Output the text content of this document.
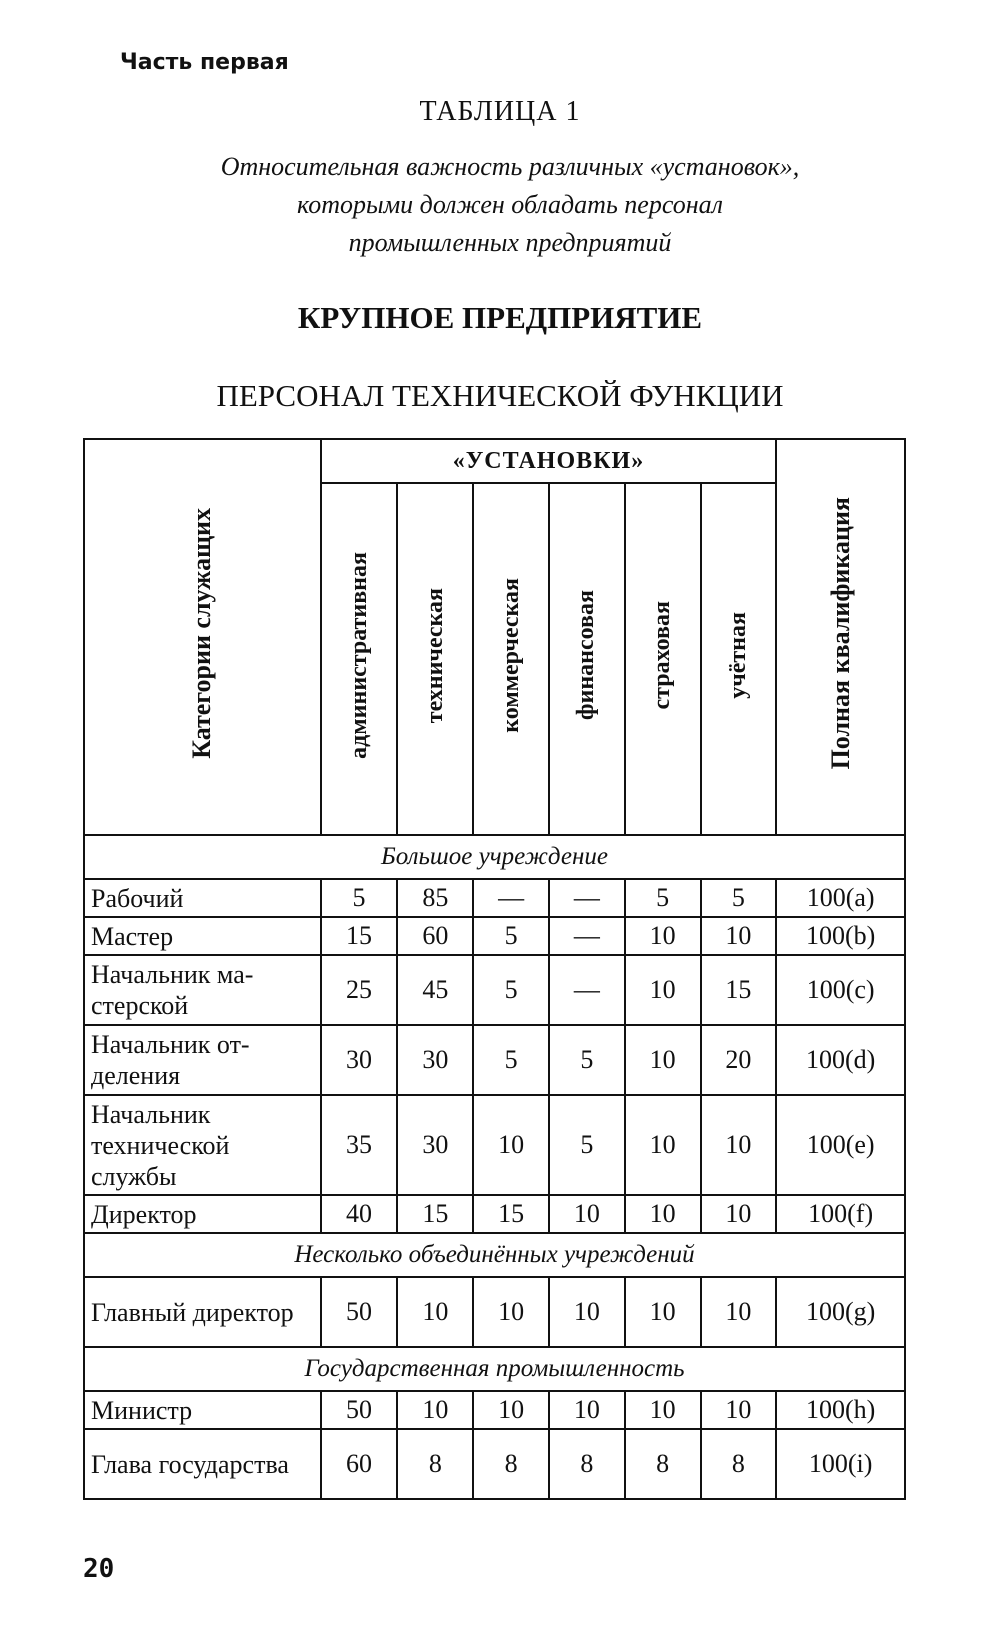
Часть первая
ТАБЛИЦА 1
Относительная важность различных «установок»,
которыми должен обладать персонал
промышленных предприятий
КРУПНОЕ ПРЕДПРИЯТИЕ
ПЕРСОНАЛ ТЕХНИЧЕСКОЙ ФУНКЦИИ
Категории служащих	«УСТАНОВКИ»						Полная квалификация
	административная	техническая	коммерческая	финансовая	страховая	учётная	
Большое учреждение							
Рабочий	5	85	—	—	5	5	100(a)
Мастер	15	60	5	—	10	10	100(b)
Начальник ма-стерской	25	45	5	—	10	15	100(c)
Начальник от-деления	30	30	5	5	10	20	100(d)
Начальник технической службы	35	30	10	5	10	10	100(e)
Директор	40	15	15	10	10	10	100(f)
Несколько объединённых учреждений							
Главный директор	50	10	10	10	10	10	100(g)
Государственная промышленность							
Министр	50	10	10	10	10	10	100(h)
Глава государства	60	8	8	8	8	8	100(i)
20
